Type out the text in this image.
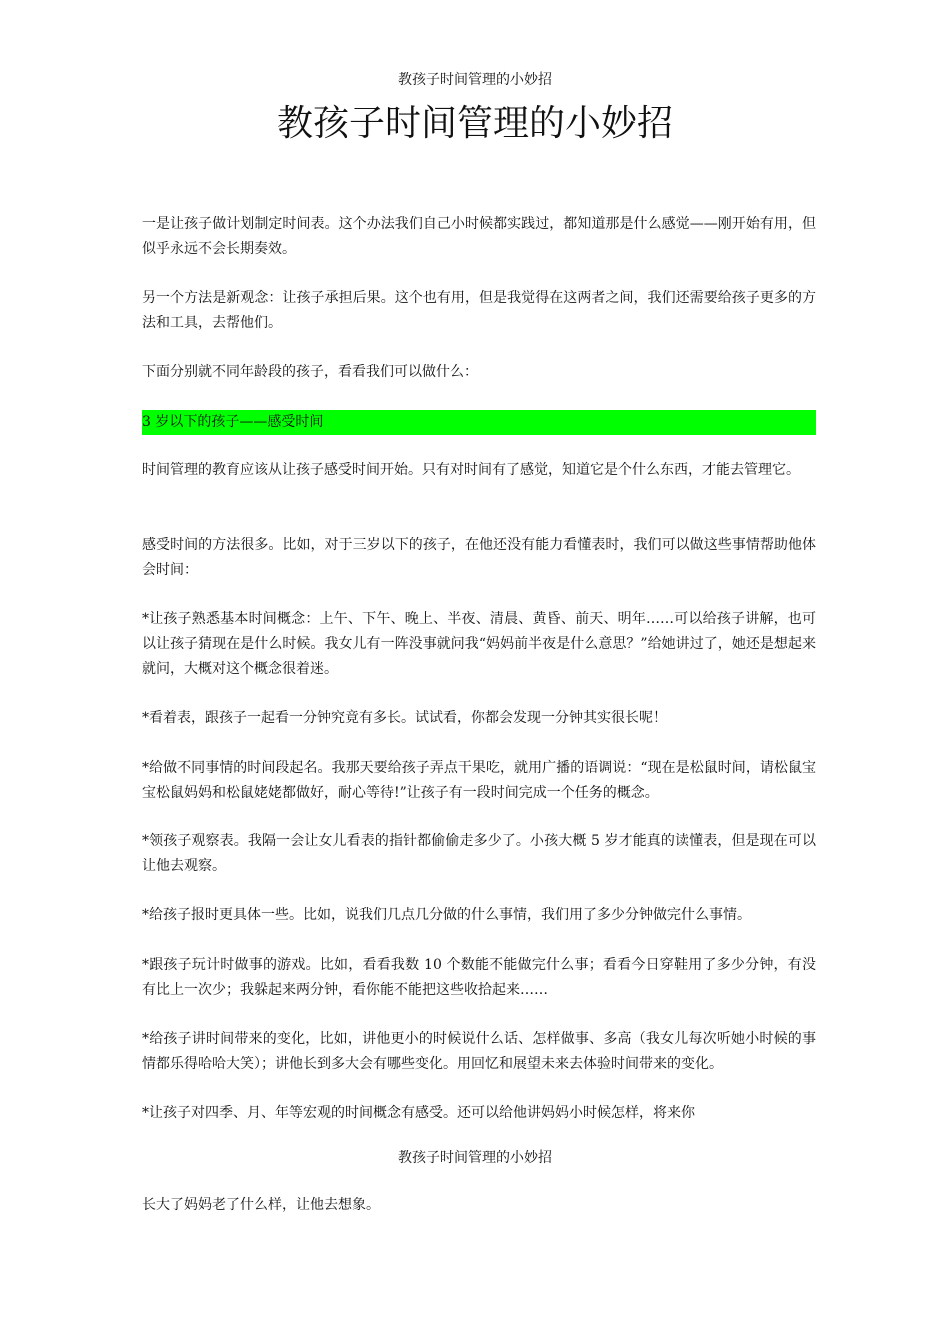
教孩子时间管理的小妙招
教孩子时间管理的小妙招

一是让孩子做计划制定时间表。这个办法我们自己小时候都实践过，都知道那是什么感觉——刚开始有用，但似乎永远不会长期奏效。

另一个方法是新观念：让孩子承担后果。这个也有用，但是我觉得在这两者之间，我们还需要给孩子更多的方法和工具，去帮他们。

下面分别就不同年龄段的孩子，看看我们可以做什么：

3 岁以下的孩子——感受时间

时间管理的教育应该从让孩子感受时间开始。只有对时间有了感觉，知道它是个什么东西，才能去管理它。

感受时间的方法很多。比如，对于三岁以下的孩子，在他还没有能力看懂表时，我们可以做这些事情帮助他体会时间：

*让孩子熟悉基本时间概念：上午、下午、晚上、半夜、清晨、黄昏、前天、明年……可以给孩子讲解，也可以让孩子猜现在是什么时候。我女儿有一阵没事就问我“妈妈前半夜是什么意思？”给她讲过了，她还是想起来就问，大概对这个概念很着迷。

*看着表，跟孩子一起看一分钟究竟有多长。试试看，你都会发现一分钟其实很长呢！

*给做不同事情的时间段起名。我那天要给孩子弄点干果吃，就用广播的语调说：“现在是松鼠时间，请松鼠宝宝松鼠妈妈和松鼠姥姥都做好，耐心等待!”让孩子有一段时间完成一个任务的概念。

*领孩子观察表。我隔一会让女儿看表的指针都偷偷走多少了。小孩大概 5 岁才能真的读懂表，但是现在可以让他去观察。

*给孩子报时更具体一些。比如，说我们几点几分做的什么事情，我们用了多少分钟做完什么事情。

*跟孩子玩计时做事的游戏。比如，看看我数 10 个数能不能做完什么事；看看今日穿鞋用了多少分钟，有没有比上一次少；我躲起来两分钟，看你能不能把这些收拾起来……

*给孩子讲时间带来的变化，比如，讲他更小的时候说什么话、怎样做事、多高（我女儿每次听她小时候的事情都乐得哈哈大笑）；讲他长到多大会有哪些变化。用回忆和展望未来去体验时间带来的变化。

*让孩子对四季、月、年等宏观的时间概念有感受。还可以给他讲妈妈小时候怎样，将来你

教孩子时间管理的小妙招

长大了妈妈老了什么样，让他去想象。
